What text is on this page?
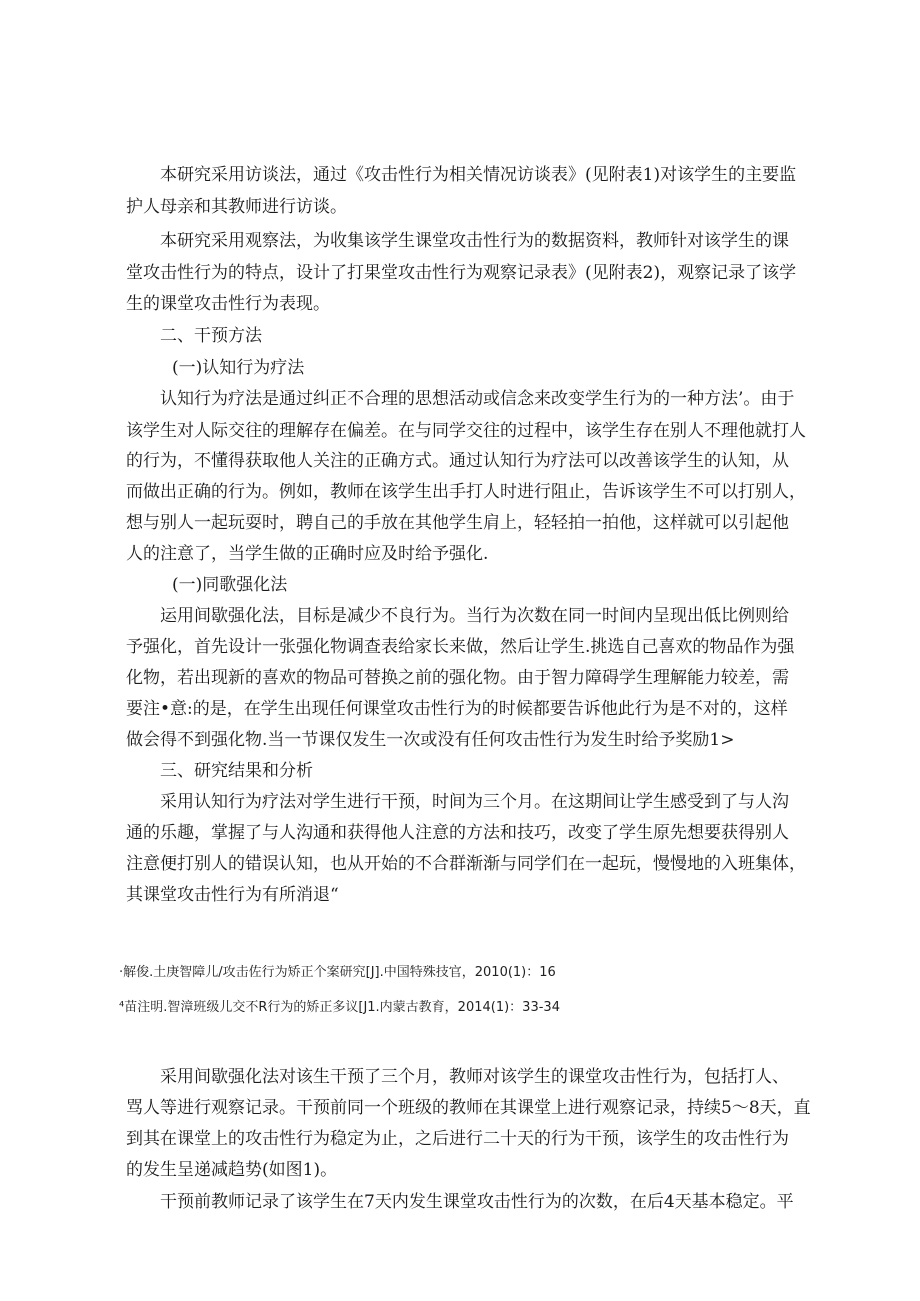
本研究采用访谈法，通过《攻击性行为相关情况访谈表》(见附表1)对该学生的主要监
护人母亲和其教师进行访谈。
本研究采用观察法，为收集该学生课堂攻击性行为的数据资料，教师针对该学生的课
堂攻击性行为的特点，设计了打果堂攻击性行为观察记录表》(见附表2)，观察记录了该学
生的课堂攻击性行为表现。
二、干预方法
(一)认知行为疗法
认知行为疗法是通过纠正不合理的思想活动或信念来改变学生行为的一种方法’。由于
该学生对人际交往的理解存在偏差。在与同学交往的过程中，该学生存在别人不理他就打人
的行为，不懂得获取他人关注的正确方式。通过认知行为疗法可以改善该学生的认知，从
而做出正确的行为。例如，教师在该学生出手打人时进行阻止，告诉该学生不可以打别人，
想与别人一起玩耍时，聘自己的手放在其他学生肩上，轻轻拍一拍他，这样就可以引起他
人的注意了，当学生做的正确时应及时给予强化.
(一)同歌强化法
运用间歇强化法，目标是减少不良行为。当行为次数在同一时间内呈现出低比例则给
予强化，首先设计一张强化物调查表给家长来做，然后让学生.挑选自己喜欢的物品作为强
化物，若出现新的喜欢的物品可替换之前的强化物。由于智力障碍学生理解能力较差，需
要注•意:的是，在学生出现任何课堂攻击性行为的时候都要告诉他此行为是不对的，这样
做会得不到强化物.当一节课仅发生一次或没有任何攻击性行为发生时给予奖励1>
三、研究结果和分析
采用认知行为疗法对学生进行干预，时间为三个月。在这期间让学生感受到了与人沟
通的乐趣，掌握了与人沟通和获得他人注意的方法和技巧，改变了学生原先想要获得别人
注意便打别人的错误认知，也从开始的不合群渐渐与同学们在一起玩，慢慢地的入班集体，
其课堂攻击性行为有所消退“
·解俊.土庚智障儿/攻击佐行为矫正个案研究[J].中国特殊技官，2010(1)：16
⁴苗注明.智漳班级儿交不R行为的矫正多议[J1.内蒙古教育，2014(1)：33-34
采用间歇强化法对该生干预了三个月，教师对该学生的课堂攻击性行为，包括打人、
骂人等进行观察记录。干预前同一个班级的教师在其课堂上进行观察记录，持续5〜8天，直
到其在课堂上的攻击性行为稳定为止，之后进行二十天的行为干预，该学生的攻击性行为
的发生呈递减趋势(如图1)。
干预前教师记录了该学生在7天内发生课堂攻击性行为的次数，在后4天基本稳定。平
